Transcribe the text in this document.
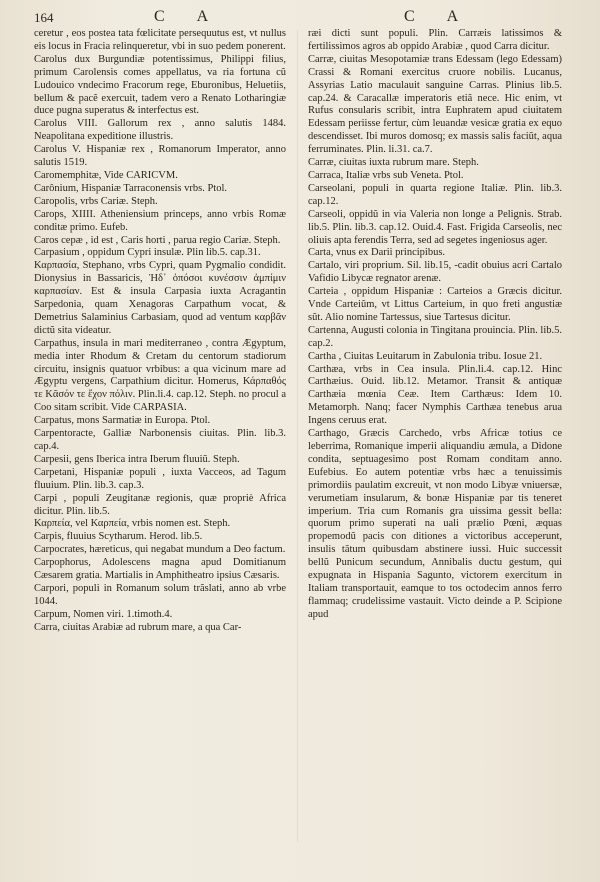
164	CA	CA

ceretur , eos postea tata fœlicitate persequutus est, vt nullus eis locus in Fracia relinqueretur, vbi in suo pedem ponerent.

Carolus dux Burgundiæ potentissimus, Philippi filius, primum Carolensis comes appellatus, va ria fortuna cũ Ludouico vndecimo Fracorum rege, Eburonibus, Heluetiis, bellum & pacẽ exercuit, tadem vero a Renato Lotharingiæ duce pugna superatus & interfectus est.

Carolus VIII. Gallorum rex , anno salutis 1484. Neapolitana expeditione illustris.

Carolus V. Hispaniæ rex , Romanorum Imperator, anno salutis 1519.

Caromemphitæ, Vide CARICVM.

Carônium, Hispaniæ Tarraconensis vrbs. Ptol.

Caropolis, vrbs Cariæ. Steph.

Carops, XIIII. Atheniensium princeps, anno vrbis Romæ conditæ primo. Eufeb.

Caros cepæ , id est , Caris horti , parua regio Cariæ. Steph.

Carpasium , oppidum Cypri insulæ. Plin lib.5. cap.31.

Καρπασία, Stephano, vrbs Cypri, quam Pygmalio condidit. Dionysius in Bassaricis, Ἠδ᾽ ὁπόσοι κυνέσσιν ἀμπίμιν καρπασίαν. Est & insula Carpasia iuxta Acragantin Sarpedonia, quam Xenagoras Carpathum vocat, & Demetrius Salaminius Carbasiam, quod ad ventum καρβᾶν dictũ sita videatur.

Carpathus, insula in mari mediterraneo , contra Ægyptum, media inter Rhodum & Cretam du centorum stadiorum circuitu, insignis quatuor vrbibus: a qua vicinum mare ad Ægyptu vergens, Carpathium dicitur. Homerus, Κάρπαθός τε Κᾶσόν τε ἔχον πόλιν. Plin.li.4. cap.12. Steph. no procul a Coo sitam scribit. Vide CARPASIA.

Carpatus, mons Sarmatiæ in Europa. Ptol.

Carpentoracte, Galliæ Narbonensis ciuitas. Plin. lib.3. cap.4.

Carpesii, gens Iberica intra Iberum fluuiũ. Steph.

Carpetani, Hispaniæ populi , iuxta Vacceos, ad Tagum fluuium. Plin. lib.3. cap.3.

Carpi , populi Zeugitanæ regionis, quæ propriè Africa dicitur. Plin. lib.5.

Καρπεία, vel Καρπεία, vrbis nomen est. Steph.

Carpis, fluuius Scytharum. Herod. lib.5.

Carpocrates, hæreticus, qui negabat mundum a Deo factum.

Carpophorus, Adolescens magna apud Domitianum Cæsarem gratia. Martialis in Amphitheatro ipsius Cæsaris.

Carpori, populi in Romanum solum trãslati, anno ab vrbe 1044.

Carpum, Nomen viri. 1.timoth.4.

Carra, ciuitas Arabiæ ad rubrum mare, a qua Car-

ræi dicti sunt populi. Plin. Carræis latissimos & fertilissimos agros ab oppido Arabiæ , quod Carra dicitur.

Carræ, ciuitas Mesopotamiæ trans Edessam (lego Edessam) Crassi & Romani exercitus cruore nobilis. Lucanus, Assyrias Latio maculauit sanguine Carras. Plinius lib.5. cap.24. & Caracallæ imperatoris etiã nece. Hic enim, vt Rufus consularis scribit, intra Euphratem apud ciuitatem Edessam periisse fertur, cùm leuandæ vesicæ gratia ex equo descendisset. Ibi muros domosq; ex massis salis faciũt, aqua ferruminates. Plin. li.31. ca.7.

Carræ, ciuitas iuxta rubrum mare. Steph.

Carraca, Italiæ vrbs sub Veneta. Ptol.

Carseolani, populi in quarta regione Italiæ. Plin. lib.3. cap.12.

Carseoli, oppidũ in via Valeria non longe a Pelignis. Strab. lib.5. Plin. lib.3. cap.12. Ouid.4. Fast. Frigida Carseolis, nec oliuis apta ferendis Terra, sed ad segetes ingeniosus ager.

Carta, vnus ex Darii principibus.

Cartalo, viri proprium. Sil. lib.15, -cadit obuius acri Cartalo Vafidio Libycæ regnator arenæ.

Carteia , oppidum Hispaniæ : Carteios a Græcis dicitur. Vnde Carteiũm, vt Littus Carteium, in quo freti angustiæ sũt. Alio nomine Tartessus, siue Tartesus dicitur.

Cartenna, Augusti colonia in Tingitana prouincia. Plin. lib.5. cap.2.

Cartha , Ciuitas Leuitarum in Zabulonia tribu. Iosue 21.

Carthæa, vrbs in Cea insula. Plin.li.4. cap.12. Hinc Carthæius. Ouid. lib.12. Metamor. Transit & antiquæ Carthæia mœnia Ceæ. Item Carthæus: Idem 10. Metamorph. Nanq; facer Nymphis Carthæa tenebus arua Ingens ceruus erat.

Carthago, Græcis Carchedo, vrbs Africæ totius ce leberrima, Romanique imperii aliquandiu æmula, a Didone condita, septuagesimo post Romam conditam anno. Eufebius. Eo autem potentiæ vrbs hæc a tenuissimis primordiis paulatim excreuit, vt non modo Libyæ vniuersæ, verumetiam insularum, & bonæ Hispaniæ par tis teneret imperium. Tria cum Romanis gra uissima gessit bella: quorum primo superati na uali prælio Pœni, æquas propemodũ pacis con ditiones a victoribus acceperunt, insulis tãtum quibusdam abstinere iussi. Huic successit bellũ Punicum secundum, Annibalis ductu gestum, qui expugnata in Hispania Sagunto, victorem exercitum in Italiam transportauit, eamque to tos octodecim annos ferro flammaq; crudelissime vastauit. Victo deinde a P. Scipione apud
